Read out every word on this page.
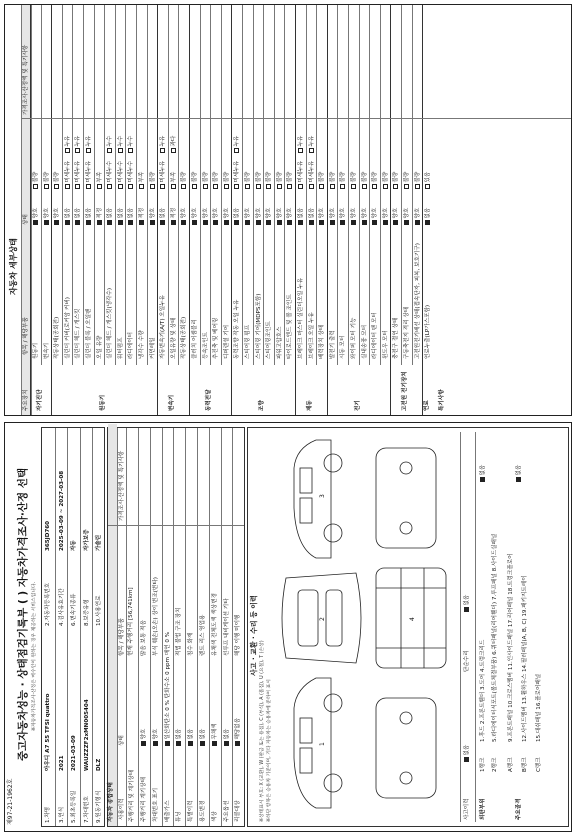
제97-21-1962호
중고자동차성능 · 상태점검기록부 ( ) 자동차가격조사·산정 선택 ※자동차가격조사·산정은 매수인이 원하는 경우 제공하는 서비스입니다.
1.차명
아우디 A7 55 TFSI quattro
2.자동차등록번호
365JD760
3.연식
2021
4.검사유효기간
2025-03-09 ~ 2027-03-08
5.최초등록일
2021-03-09
6.변속기종류
자동
7.차대번호
WAUZZZF2xMN005404
8.보증유형
자가보증
9.원동기형식
DLZ
10.사용연료
가솔린
자동차 종합상태 사용이력
상태
항목 / 해당부품
가격조사·산정액 및 특기사항
주행거리 계기상태
양호
많음 보통 적음
차대번호 표기
양호
부식 훼손(오손) 상이 변조(변타)
배출가스
일산화탄소 0 % 탄화수소 0 ppm 매연 0 %
튜닝
없음
적법 불법 구조 장치
특별이력
없음
침수 화재
용도변경
없음
렌트 리스 영업용
색상
무채색
유채색 전체도색 색상변경
주요옵션
없음
선루프 내비게이션 기타
리콜대상
해당없음
해당 이행 미이행
주행거리 및 계기상태
현재 주행거리 [56,741km]	사고 · 교환 · 수리 등 이력
※상태표시 부호: X (교환), W (판금 또는 용접), C (부식), A (흠집), U (요철), T (손상) ※하단 항목은 승용차 기준이며, 기타 자동차는 승용차에 준하여 표시	1
2
3
4
사고이력
없음
단순수리
없음
외판부위
1랭크
1.후드 2.프론트휀더 3.도어 4.트렁크리드
2랭크
5.라디에이터서포트(볼트체결부품) 6.쿼터패널(리어휀더) 7.루프패널 8.사이드실패널
없음
주요골격
A랭크
9.프론트패널 10.크로스멤버 11.인사이드패널 17.리어패널 18.트렁크플로어
B랭크
12.사이드멤버 13.휠하우스 14.필러패널(A, B, C) 19.패키지트레이
C랭크
15.대쉬패널 16.플로어패널
없음
자동차 세부상태
주요장치
항목 / 해당부품
상태
가격조사·산정액 및 특기사항
원동기
양호
불량
변속기
양호
불량
자기진단
작동상태(공회전)
양호
불량
실린더 커버(로커암 커버)
없음
미세누유
누유
실린더 헤드 / 개스킷
없음
미세누유
누유
실린더 블록 / 오일팬
없음
미세누유
누유
오일 유량
적정
부족
실린더 헤드 / 개스킷(냉각수)
없음
미세누수
누수
워터펌프
없음
미세누수
누수
라디에이터
없음
미세누수
누수
냉각수 수량
적정
부족
커먼레일
양호
불량
원동기
자동변속기(A/T) 오일누유
없음
미세누유
누유
오일유량 및 상태
적정
부족
과다
작동상태(공회전)
양호
불량
변속기
클러치 어셈블리
양호
불량
등속조인트
양호
불량
추진축 및 베어링
양호
불량
디퍼렌셜 기어
양호
불량
동력전달
동력조향 작동 오일 누유
없음
미세누유
누유
스티어링 펌프
양호
불량
스티어링 기어(MDPS포함)
양호
불량
스티어링조인트
양호
불량
파워고압호스
양호
불량
타이로드엔드 및 볼 조인트
양호
불량
조향
브레이크 마스터 실린더오일 누유
없음
미세누유
누유
브레이크 오일 누유
없음
미세누유
누유
배력장치 상태
양호
불량
제동
발전기 출력
양호
불량
시동 모터
양호
불량
와이퍼 모터 기능
양호
불량
실내송풍 모터
양호
불량
라디에이터 팬 모터
양호
불량
윈도우 모터
양호
불량
전기
충전구 절연 상태
양호
불량
구동축전지 격리 상태
양호
불량
고전원전기배선 상태(접속단자, 피복, 보호기구)
양호
불량
고전원 전기장치
연료누출(LP가스포함)
없음
있음
연료 특기사항
